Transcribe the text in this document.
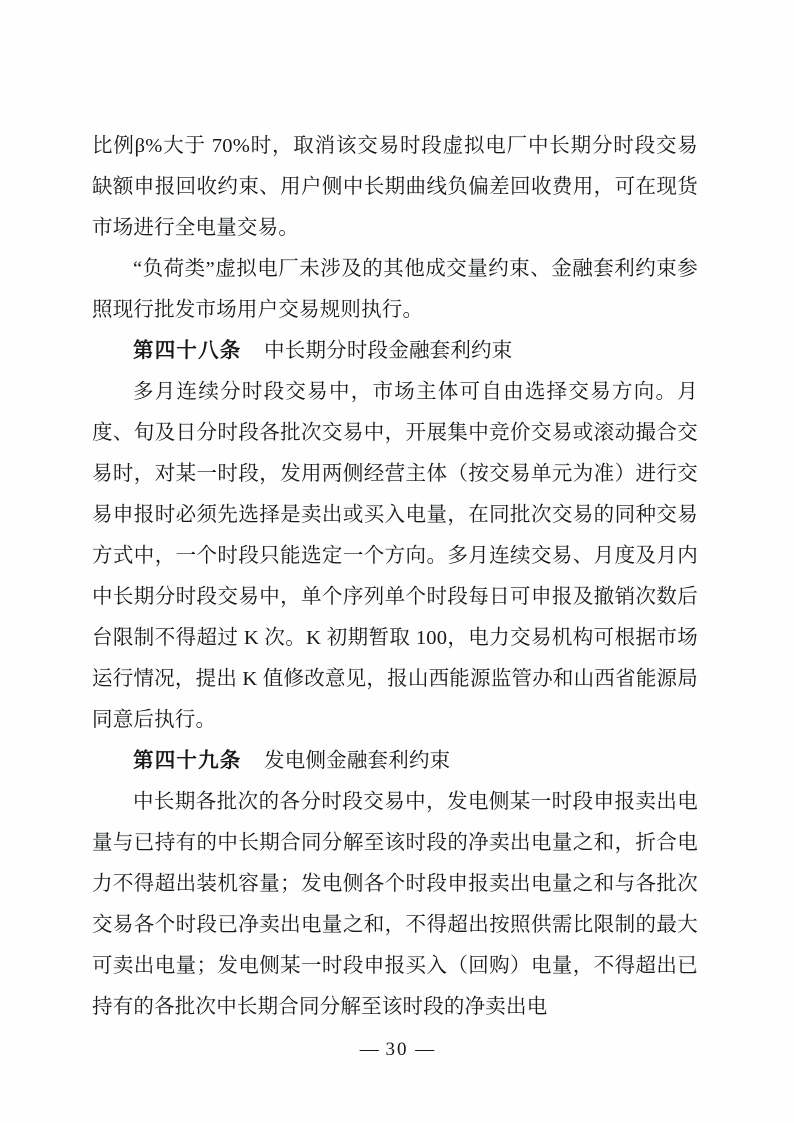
比例β%大于 70%时，取消该交易时段虚拟电厂中长期分时段交易缺额申报回收约束、用户侧中长期曲线负偏差回收费用，可在现货市场进行全电量交易。

“负荷类”虚拟电厂未涉及的其他成交量约束、金融套利约束参照现行批发市场用户交易规则执行。

第四十八条 中长期分时段金融套利约束

多月连续分时段交易中，市场主体可自由选择交易方向。月度、旬及日分时段各批次交易中，开展集中竞价交易或滚动撮合交易时，对某一时段，发用两侧经营主体（按交易单元为准）进行交易申报时必须先选择是卖出或买入电量，在同批次交易的同种交易方式中，一个时段只能选定一个方向。多月连续交易、月度及月内中长期分时段交易中，单个序列单个时段每日可申报及撤销次数后台限制不得超过 K 次。K 初期暂取 100，电力交易机构可根据市场运行情况，提出 K 值修改意见，报山西能源监管办和山西省能源局同意后执行。

第四十九条 发电侧金融套利约束

中长期各批次的各分时段交易中，发电侧某一时段申报卖出电量与已持有的中长期合同分解至该时段的净卖出电量之和，折合电力不得超出装机容量；发电侧各个时段申报卖出电量之和与各批次交易各个时段已净卖出电量之和，不得超出按照供需比限制的最大可卖出电量；发电侧某一时段申报买入（回购）电量，不得超出已持有的各批次中长期合同分解至该时段的净卖出电

— 30 —
